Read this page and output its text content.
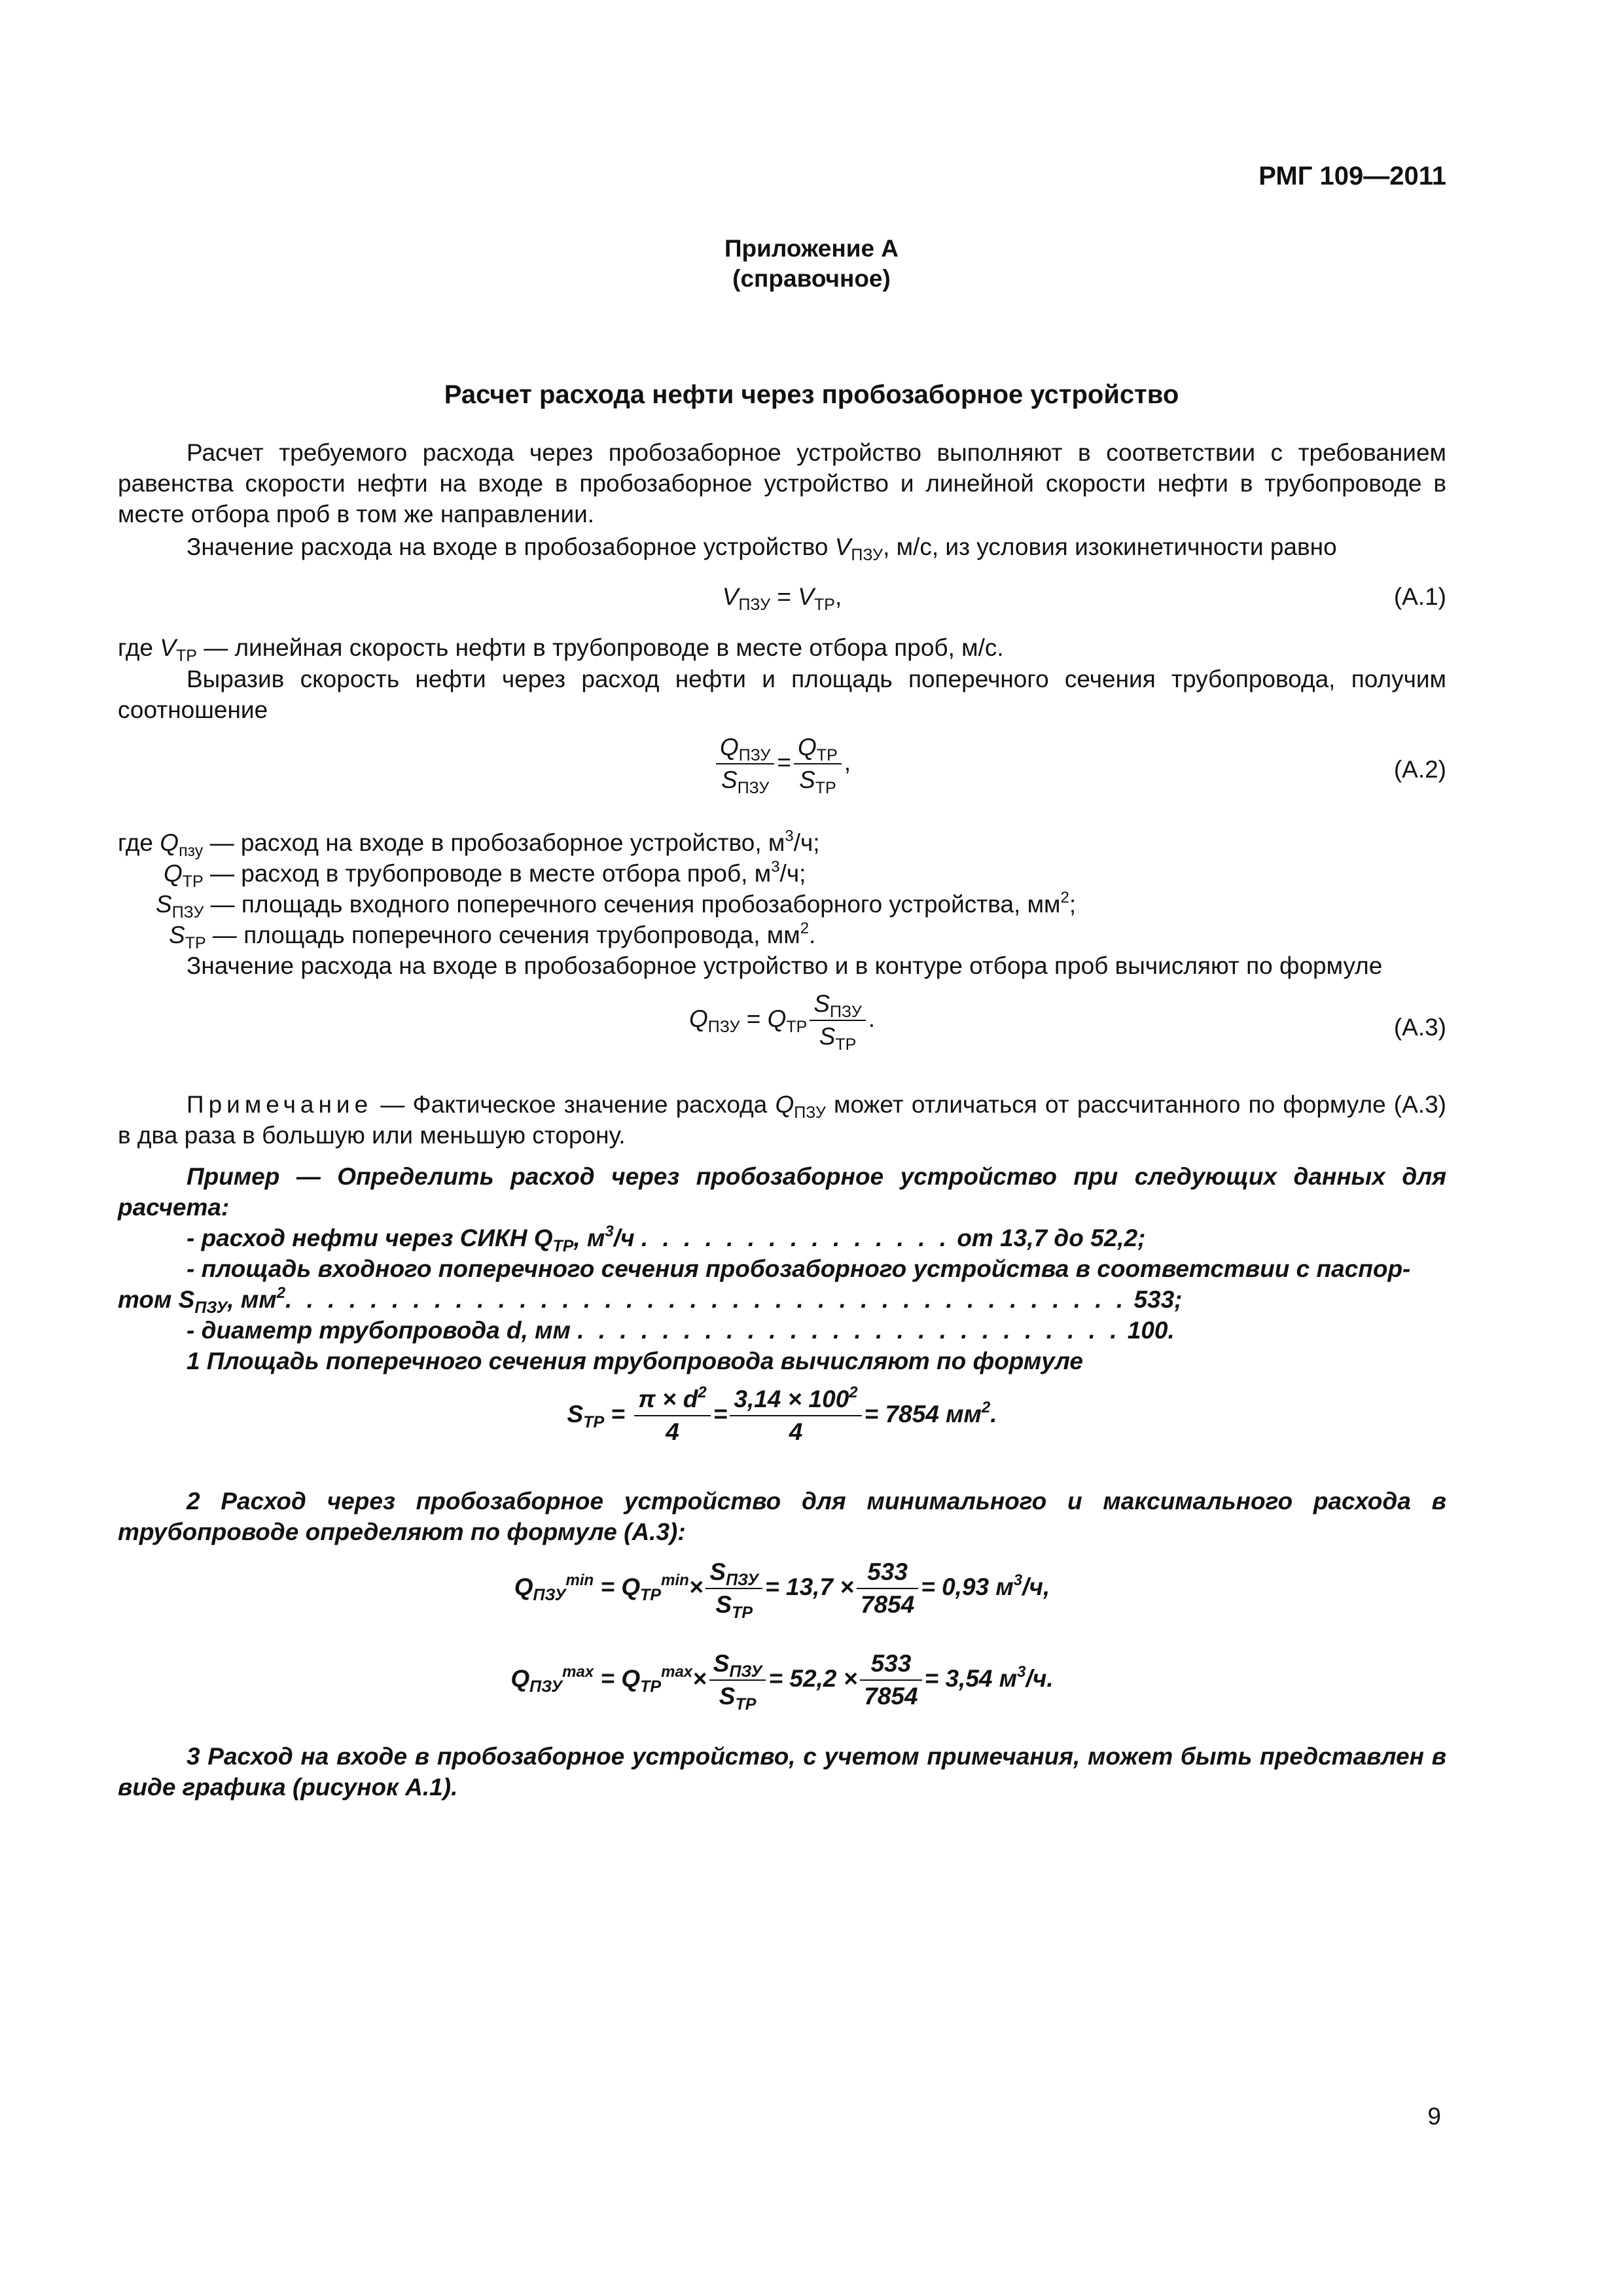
РМГ 109—2011
Приложение А
(справочное)
Расчет расхода нефти через пробозаборное устройство
Расчет требуемого расхода через пробозаборное устройство выполняют в соответствии с требованием равенства скорости нефти на входе в пробозаборное устройство и линейной скорости нефти в трубопроводе в месте отбора проб в том же направлении.
Значение расхода на входе в пробозаборное устройство $V_{ПЗУ}$, м/с, из условия изокинетичности равно
$V_{ПЗУ} = V_{ТР}$,	(А.1)
где $V_{ТР}$ — линейная скорость нефти в трубопроводе в месте отбора проб, м/с.
Выразив скорость нефти через расход нефти и площадь поперечного сечения трубопровода, получим соотношение
$\frac{Q_{ПЗУ}}{S_{ПЗУ}} = \frac{Q_{ТР}}{S_{ТР}}$ ,	(А.2)
где $Q_{пзу}$ — расход на входе в пробозаборное устройство, $м^3/ч$;
$Q_{ТР}$ — расход в трубопроводе в месте отбора проб, $м^3/ч$;
$S_{ПЗУ}$ — площадь входного поперечного сечения пробозаборного устройства, $мм^2$;
$S_{ТР}$ — площадь поперечного сечения трубопровода, $мм^2$.
Значение расхода на входе в пробозаборное устройство и в контуре отбора проб вычисляют по формуле
$Q_{ПЗУ} = Q_{ТР} \frac{S_{ПЗУ}}{S_{ТР}}$ .	(А.3)
Примечание — Фактическое значение расхода $Q_{ПЗУ}$ может отличаться от рассчитанного по формуле (А.3) в два раза в большую или меньшую сторону.
Пример — Определить расход через пробозаборное устройство при следующих данных для расчета:
- расход нефти через СИКН $Q_{ТР}$, $м^3/ч$ . . . . . . . . . . . . . . . от 13,7 до 52,2;
- площадь входного поперечного сечения пробозаборного устройства в соответствии с паспор-
том $S_{ПЗУ}$, $мм^2$. . . . . . . . . . . . . . . . . . . . . . . . . . . . . . . . . . . . . . . . 533;
- диаметр трубопровода d, мм . . . . . . . . . . . . . . . . . . . . . . . . . . 100.
1 Площадь поперечного сечения трубопровода вычисляют по формуле
$S_{ТР} = \frac{\pi \times d^2}{4} = \frac{3,14 \times 100^2}{4} = 7854$ $мм^2$.
2 Расход через пробозаборное устройство для минимального и максимального расхода в трубопроводе определяют по формуле (А.3):
$Q_{ПЗУ}^{min} = Q_{ТР}^{min}\times \frac{S_{ПЗУ}}{S_{ТР}} = 13,7 \times \frac{533}{7854} = 0,93$ $м^3/ч$,
$Q_{ПЗУ}^{max} = Q_{ТР}^{max}\times \frac{S_{ПЗУ}}{S_{ТР}} = 52,2 \times \frac{533}{7854} = 3,54$ $м^3/ч$.
3 Расход на входе в пробозаборное устройство, с учетом примечания, может быть представлен в виде графика (рисунок А.1).
9
